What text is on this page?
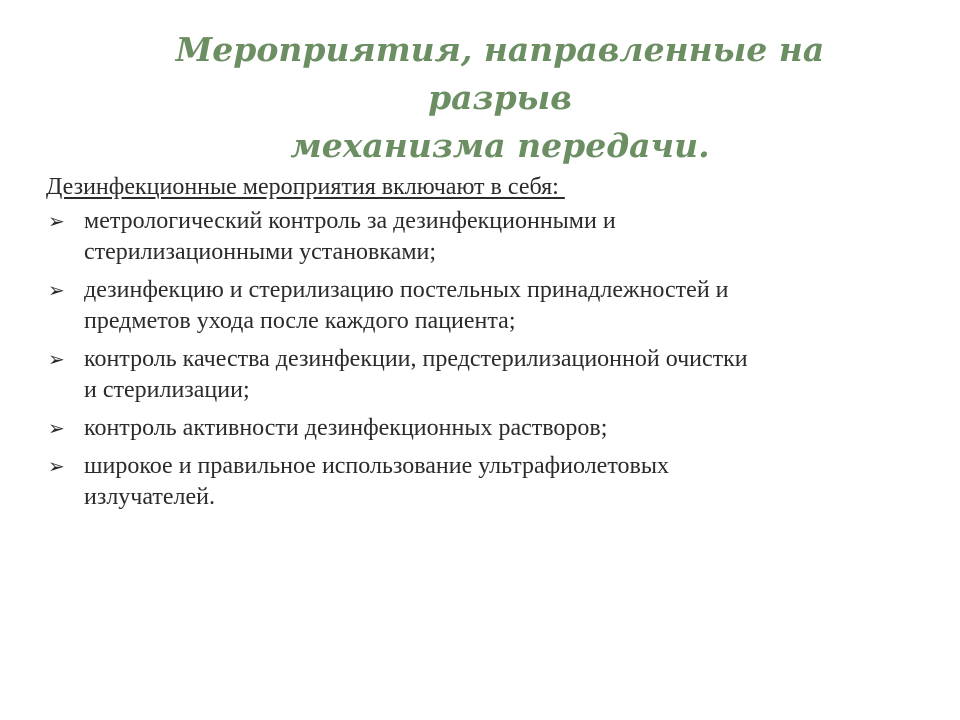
Мероприятия, направленные на разрыв
механизма передачи.
Дезинфекционные мероприятия включают в себя:
➢ метрологический контроль за дезинфекционными и
стерилизационными установками;
➢ дезинфекцию и стерилизацию постельных принадлежностей и
предметов ухода после каждого пациента;
➢ контроль качества дезинфекции, предстерилизационной очистки
и стерилизации;
➢ контроль активности дезинфекционных растворов;
➢ широкое и правильное использование ультрафиолетовых
излучателей.
